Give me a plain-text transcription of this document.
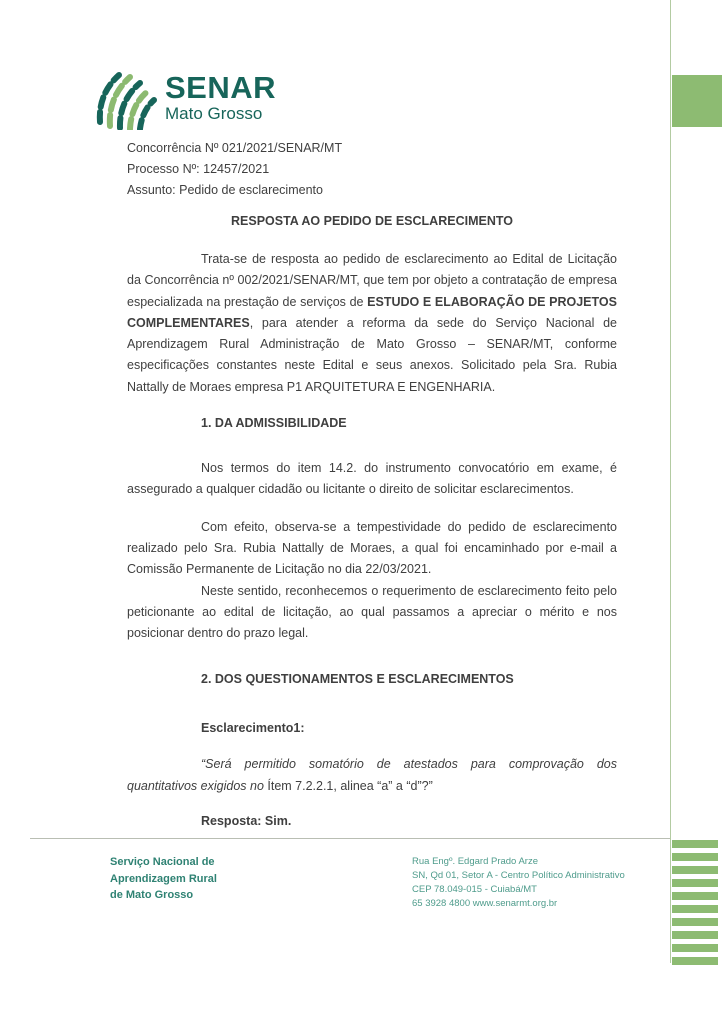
SENAR
Mato Grosso

Concorrência Nº 021/2021/SENAR/MT

Processo Nº: 12457/2021

Assunto: Pedido de esclarecimento

RESPOSTA AO PEDIDO DE ESCLARECIMENTO

Trata-se de resposta ao pedido de esclarecimento ao Edital de Licitação da Concorrência nº 002/2021/SENAR/MT, que tem por objeto a contratação de empresa especializada na prestação de serviços de ESTUDO E ELABORAÇÃO DE PROJETOS COMPLEMENTARES, para atender a reforma da sede do Serviço Nacional de Aprendizagem Rural Administração de Mato Grosso – SENAR/MT, conforme especificações constantes neste Edital e seus anexos. Solicitado pela Sra. Rubia Nattally de Moraes empresa P1 ARQUITETURA E ENGENHARIA.

1. DA ADMISSIBILIDADE

Nos termos do item 14.2. do instrumento convocatório em exame, é assegurado a qualquer cidadão ou licitante o direito de solicitar esclarecimentos.

Com efeito, observa-se a tempestividade do pedido de esclarecimento realizado pelo Sra. Rubia Nattally de Moraes, a qual foi encaminhado por e-mail a Comissão Permanente de Licitação no dia 22/03/2021.

Neste sentido, reconhecemos o requerimento de esclarecimento feito pelo peticionante ao edital de licitação, ao qual passamos a apreciar o mérito e nos posicionar dentro do prazo legal.

2. DOS QUESTIONAMENTOS E ESCLARECIMENTOS

Esclarecimento1:

“Será permitido somatório de atestados para comprovação dos quantitativos exigidos no Ítem 7.2.2.1, alinea “a” a “d”?”

Resposta: Sim.

Serviço Nacional de

Aprendizagem Rural

de Mato Grosso

Rua Engº. Edgard Prado Arze

SN, Qd 01, Setor A - Centro Político Administrativo

CEP 78.049-015 - Cuiabá/MT

65 3928 4800 www.senarmt.org.br
